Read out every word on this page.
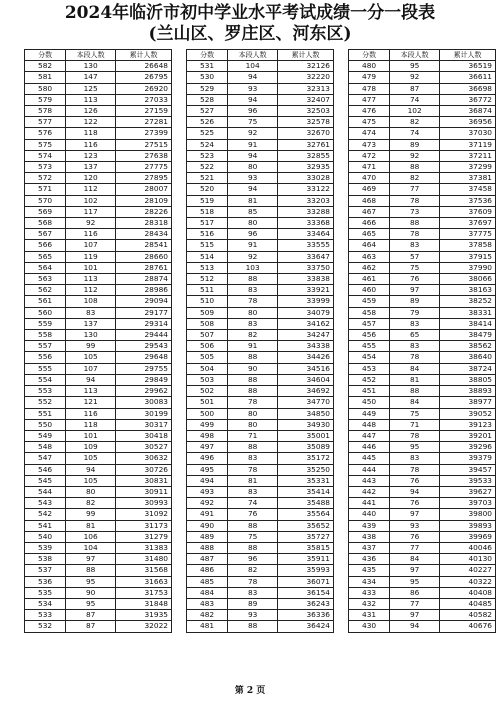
2024年临沂市初中学业水平考试成绩一分一段表
(兰山区、罗庄区、河东区)
分数	本段人数	累计人数
582	130	26648
581	147	26795
580	125	26920
579	113	27033
578	126	27159
577	122	27281
576	118	27399
575	116	27515
574	123	27638
573	137	27775
572	120	27895
571	112	28007
570	102	28109
569	117	28226
568	92	28318
567	116	28434
566	107	28541
565	119	28660
564	101	28761
563	113	28874
562	112	28986
561	108	29094
560	83	29177
559	137	29314
558	130	29444
557	99	29543
556	105	29648
555	107	29755
554	94	29849
553	113	29962
552	121	30083
551	116	30199
550	118	30317
549	101	30418
548	109	30527
547	105	30632
546	94	30726
545	105	30831
544	80	30911
543	82	30993
542	99	31092
541	81	31173
540	106	31279
539	104	31383
538	97	31480
537	88	31568
536	95	31663
535	90	31753
534	95	31848
533	87	31935
532	87	32022
分数	本段人数	累计人数
531	104	32126
530	94	32220
529	93	32313
528	94	32407
527	96	32503
526	75	32578
525	92	32670
524	91	32761
523	94	32855
522	80	32935
521	93	33028
520	94	33122
519	81	33203
518	85	33288
517	80	33368
516	96	33464
515	91	33555
514	92	33647
513	103	33750
512	88	33838
511	83	33921
510	78	33999
509	80	34079
508	83	34162
507	82	34247
506	91	34338
505	88	34426
504	90	34516
503	88	34604
502	88	34692
501	78	34770
500	80	34850
499	80	34930
498	71	35001
497	88	35089
496	83	35172
495	78	35250
494	81	35331
493	83	35414
492	74	35488
491	76	35564
490	88	35652
489	75	35727
488	88	35815
487	96	35911
486	82	35993
485	78	36071
484	83	36154
483	89	36243
482	93	36336
481	88	36424
分数	本段人数	累计人数
480	95	36519
479	92	36611
478	87	36698
477	74	36772
476	102	36874
475	82	36956
474	74	37030
473	89	37119
472	92	37211
471	88	37299
470	82	37381
469	77	37458
468	78	37536
467	73	37609
466	88	37697
465	78	37775
464	83	37858
463	57	37915
462	75	37990
461	76	38066
460	97	38163
459	89	38252
458	79	38331
457	83	38414
456	65	38479
455	83	38562
454	78	38640
453	84	38724
452	81	38805
451	88	38893
450	84	38977
449	75	39052
448	71	39123
447	78	39201
446	95	39296
445	83	39379
444	78	39457
443	76	39533
442	94	39627
441	76	39703
440	97	39800
439	93	39893
438	76	39969
437	77	40046
436	84	40130
435	97	40227
434	95	40322
433	86	40408
432	77	40485
431	97	40582
430	94	40676
第 2 页
